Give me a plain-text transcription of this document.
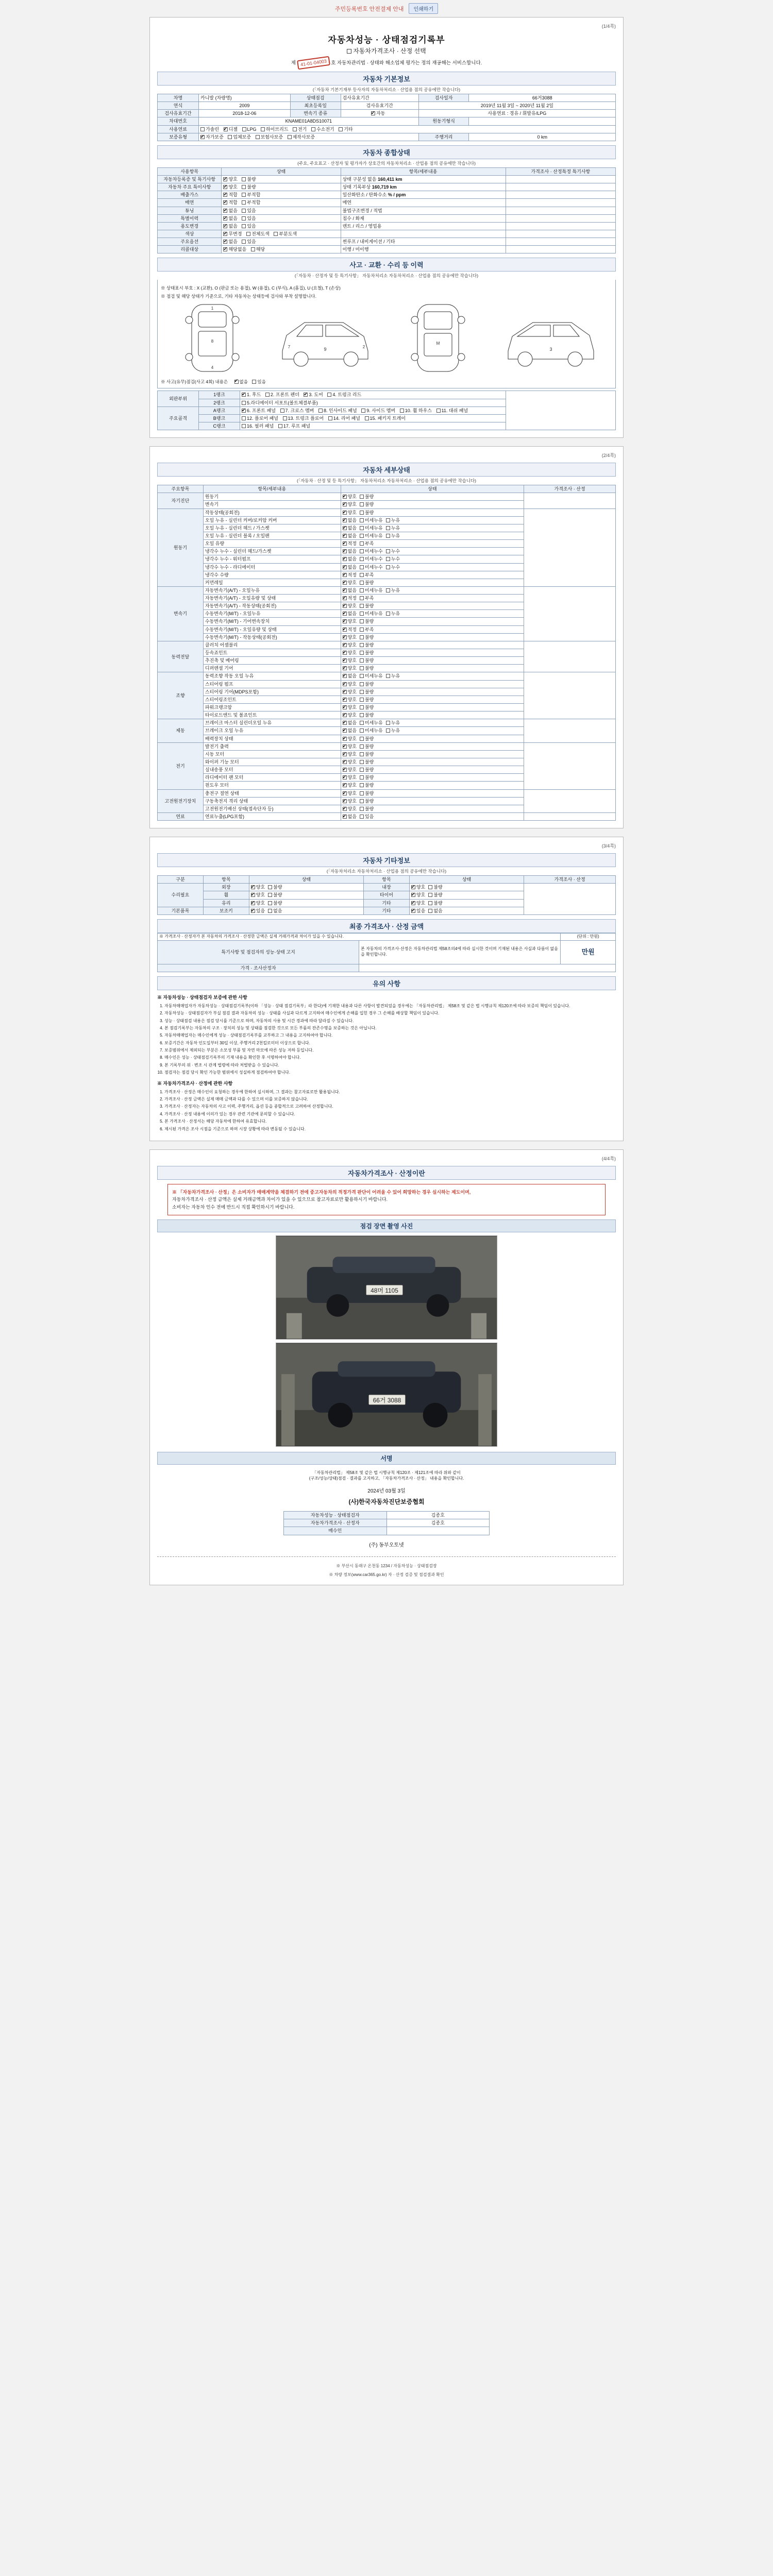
주민등록번호 안전결제 안내	인쇄하기
(1/4쪽)
자동차성능 · 상태점검기록부
자동차가격조사 · 산정 선택
제 41-01-04003 호 자동차관리법 · 상태와 해소업체 평가는 정의 재공해는 서비스합니다.
자동차 기본정보
(「자동차 기본기재부 등사자의 자동차처리소 · 산업용 점의 공유에만 작습니다)
차명	카니발 (차량명)	상태점검	검사유효기간	검사일자	66거3088
연식	2009	최초등록일	검사유효기간	2019년 11월 3일 ~ 2020년 11월 2일	
검사유효기간	2018-12-06	변속기 종류	✔자동	사용연료 : 경유 / 휘발유/LPG	
차대번호	KNAME01A8DS10071			원동기형식	
사용연료	가솔린 ✔ 디젤 LPG 하이브리드 전기 수소전기 기타
보증유형	✔자가보증 업체보증 보험사보증 제작사보증			주행거리	0 km
자동차 종합상태
(주요, 주요표고 · 산정자 및 평가자가 상호간의 자동차처리소 · 산업용 점의 공유에만 작습니다)
사용항목	상태	항목/세부내용	가격조사 · 산정특정 특기사항
자동차등록증 및 특기사항	✔양호 불량	상태 구분성 없음 160,411 km	
자동차 주요 특이사항	✔양호 불량	상태 기록부상 160,719 km	
배출가스	✔적합 부적합	일산화탄소 / 탄화수소 % / ppm	
매연	✔적합 부적합	매연	
튜닝	✔없음 있음	불법구조변경 / 적법	
특별이력	✔없음 있음	침수 / 화재	
용도변경	✔없음 있음	렌트 / 리스 / 영업용	
색상	✔무변경 전체도색 부분도색		
주요옵션	✔없음 있음	썬루프 / 내비게이션 / 기타	
리콜대상	✔해당없음 해당	이행 / 미이행	
사고 · 교환 · 수리 등 이력
(「자동차 · 산정자 및 등 특기사항」 자동차처리소 자동차처리소 · 산업용 점의 공유에만 작습니다)
※ 상태표시 부호 : X (교환), O (판금 또는 용접), W (용접), C (부식), A (흠집), U (요철), T (손상)
※ 점검 및 해당 상태가 기준으로, 기타 자동차는 상태등에 검사와 부착 설명합니다.
1
8
4
9
7	2
M
3
※ 사고(유무)점검(사고 4회) 내용은 ✔	없음 있음
외판부위	1랭크	✔1. 후드 2. 프론트 펜더 ✔ 3. 도어 4. 트렁크 리드	
	2랭크	5.라디에이터 서포트(볼트체결부품)	
주요골격	A랭크	✔6. 프론트 패널 7. 크로스 멤버 8. 인사이드 패널 9. 사이드 멤버 10. 휠 하우스 11. 대쉬 패널
	B랭크	12. 플로어 패널 13. 트렁크 플로어 14. 리어 패널 15. 패키지 트레이	
	C랭크	16. 필러 패널 17. 루프 패널	
(2/4쪽)
자동차 세부상태
(「자동차 · 산정 및 등 특기사항」 자동차처리소 자동차처리소 · 산업용 점의 공유에만 작습니다)
주요항목	항목/세부내용	상태	가격조사 · 산정
자기진단	원동기	✔양호 불량	
	변속기	✔양호 불량
원동기	작동상태(공회전)	✔양호 불량	
	오일 누유 - 실린더 커버/로커암 커버	✔없음 미세누유 누유
	오일 누유 - 실린더 헤드 / 가스켓	✔없음 미세누유 누유
	오일 누유 - 실린더 블록 / 오일팬	✔없음 미세누유 누유
	오일 유량	✔적정 부족
	냉각수 누수 - 실린더 헤드/가스켓	✔없음 미세누수 누수
	냉각수 누수 - 워터펌프	✔없음 미세누수 누수
	냉각수 누수 - 라디에이터	✔없음 미세누수 누수
	냉각수 수량	✔적정 부족
	커먼레일	✔양호 불량
변속기	자동변속기(A/T) - 오일누유	✔없음 미세누유 누유	
	자동변속기(A/T) - 오일유량 및 상태	✔적정 부족
	자동변속기(A/T) - 작동상태(공회전)	✔양호 불량
	수동변속기(M/T) - 오일누유	✔없음 미세누유 누유
	수동변속기(M/T) - 기어변속장치	✔양호 불량
	수동변속기(M/T) - 오일유량 및 상태	✔적정 부족
	수동변속기(M/T) - 작동상태(공회전)	✔양호 불량
동력전달	클러치 어셈블리	✔양호 불량	
	등속죠인트	✔양호 불량
	추진축 및 베어링	✔양호 불량
	디퍼렌셜 기어	✔양호 불량
조향	동력조향 작동 오일 누유	✔없음 미세누유 누유	
	스티어링 펌프	✔양호 불량
	스티어링 기어(MDPS포함)	✔양호 불량
	스티어링조인트	✔양호 불량
	파워크랭크암	✔양호 불량
	타이로드엔드 및 볼죠인트	✔양호 불량
제동	브레이크 마스터 실린더오일 누유	✔없음 미세누유 누유	
	브레이크 오일 누유	✔없음 미세누유 누유
	배력장치 상태	✔양호 불량
전기	발전기 출력	✔양호 불량	
	시동 모터	✔양호 불량
	와이퍼 기능 모터	✔양호 불량
	실내송풍 모터	✔양호 불량
	라디에이터 팬 모터	✔양호 불량
	윈도우 모터	✔양호 불량
고전원전기장치	충전구 절연 상태	✔양호 불량	
	구동축전지 격리 상태	✔양호 불량
	고전원전기배선 상태(접속단자 등)	✔양호 불량
연료	연료누출(LPG포함)	✔없음 있음	
(3/4쪽)
자동차 기타정보
(「자동차처리소 자동차처리소 · 산업용 점의 공유에만 작습니다)
구분	항목	상태	항목	상태	가격조사 · 산정
수리필요	외장	✔양호 불량	내장	✔양호 불량	
	휠	✔양호 불량	타이어	✔양호 불량
	유리	✔양호 불량	기타	✔양호 불량
기본품목	보조키	✔있음 없음	기타	✔있음 없음
최종 가격조사 · 산정 금액
※ 가격조사 · 산정자가 본 자동차의 가격조사 · 산정한 금액은 실제 거래가격과 차이가 있을 수 있습니다.		(단위 : 만원)
특기사항 및 점검자의 성능·상태 고지	본 자동차의 가격조사·산정은 자동차관리법 제58조의4에 따라 실시한 것이며 기재된 내용은 사실과 다름이 없음을 확인합니다.	만원
가격 · 조사산정자		
유의 사항
※ 자동차성능 · 상태점검자 보증에 관한 사항
1. 자동차매매업자가 자동차성능 · 상태점검기록부(이하 「성능 · 상태 점검기록부」라 한다)에 기재한 내용과 다른 사항이 발견되었을 경우에는 「자동차관리법」 제58조 및 같은 법 시행규칙 제120조에 따라 보증의 책임이 있습니다.
2. 자동차성능 · 상태점검자가 부실 점검 결과 자동차의 성능 · 상태를 사실과 다르게 고지하여 매수인에게 손해를 입힌 경우 그 손해를 배상할 책임이 있습니다.
3. 성능 · 상태점검 내용은 점검 당시를 기준으로 하며, 자동차의 사용 및 시간 경과에 따라 달라질 수 있습니다.
4. 본 점검기록부는 자동차의 구조 · 장치의 성능 및 상태를 점검한 것으로 모든 부품의 잔존수명을 보증하는 것은 아닙니다.
5. 자동차매매업자는 매수인에게 성능 · 상태점검기록부를 교부하고 그 내용을 고지하여야 합니다.
6. 보증기간은 자동차 인도일부터 30일 이상, 주행거리 2천킬로미터 이상으로 합니다.
7. 보증범위에서 제외되는 부분은 소모성 부품 및 자연 마모에 따른 성능 저하 등입니다.
8. 매수인은 성능 · 상태점검기록부의 기재 내용을 확인한 후 서명하여야 합니다.
9. 본 기록부의 위 · 변조 시 관계 법령에 따라 처벌받을 수 있습니다.
10. 점검자는 점검 당시 확인 가능한 범위에서 성실하게 점검하여야 합니다.
※ 자동차가격조사 · 산정에 관한 사항
1. 가격조사 · 산정은 매수인이 요청하는 경우에 한하여 실시하며, 그 결과는 참고자료로만 활용됩니다.
2. 가격조사 · 산정 금액은 실제 매매 금액과 다를 수 있으며 이를 보증하지 않습니다.
3. 가격조사 · 산정자는 자동차의 사고 이력, 주행거리, 옵션 등을 종합적으로 고려하여 산정합니다.
4. 가격조사 · 산정 내용에 이의가 있는 경우 관련 기관에 문의할 수 있습니다.
5. 본 가격조사 · 산정서는 해당 자동차에 한하여 유효합니다.
6. 제시된 가격은 조사 시점을 기준으로 하며 시장 상황에 따라 변동될 수 있습니다.
(4/4쪽)
자동차가격조사 · 산정이란
※ 「자동차가격조사 · 산정」은 소비자가 매매계약을 체결하기 전에 중고자동차의 적정가격 판단이 어려울 수 있어 희망하는 경우 실시하는 제도이며,
자동차가격조사 · 산정 금액은 실제 거래금액과 차이가 있을 수 있으므로 참고자료로만 활용하시기 바랍니다.
소비자는 자동차 인수 전에 반드시 직접 확인하시기 바랍니다.
점검 장면 촬영 사진
48머 1105
66거 3088
서명
「자동차관리법」 제58조 및 같은 법 시행규칙 제120조 · 제121조에 따라 위와 같이
(구조/성능/상태)점검 · 결과를 고지하고, 「자동차가격조사 · 산정」 내용을 확인합니다.
2024년 03월 3일
(사)한국자동차진단보증협회
자동차성능 · 상태점검자	김종호
자동차가격조사 · 산정자	김종호
매수인	
(주) 동부오토넷
※ 부산시 동래구 온천동 1234 / 자동차성능 · 상태점검장
※ 차량 정보(www.car365.go.kr) 자 · 산정 검증 및 점검결과 확인
